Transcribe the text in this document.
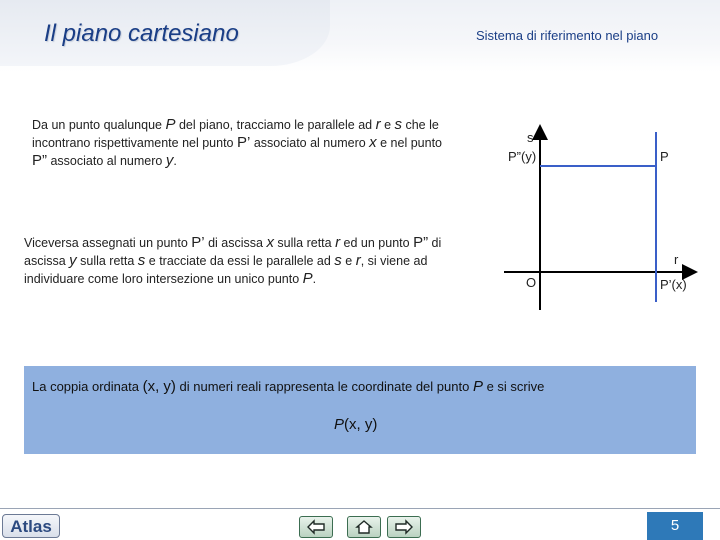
Il piano cartesiano	Sistema di riferimento nel piano

Da un punto qualunque P del piano, tracciamo le parallele ad r e s che le incontrano rispettivamente nel punto P’ associato al numero x e nel punto P” associato al numero y.

Viceversa assegnati un punto P’ di ascissa x sulla retta r ed un punto P” di ascissa y sulla retta s e tracciate da essi le parallele ad s e r, si viene ad individuare come loro intersezione un unico punto P.

s
P”(y)	P
r
O	P’(x)
La coppia ordinata (x, y) di numeri reali rappresenta le coordinate del punto P e si scrive
P(x, y)
Atlas	5
